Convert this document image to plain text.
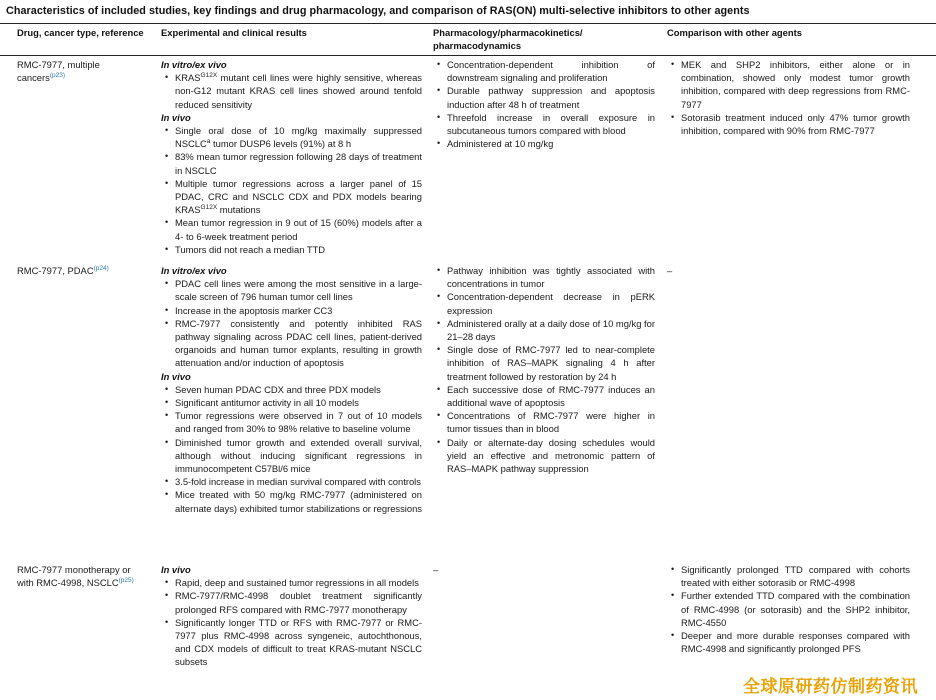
Characteristics of included studies, key findings and drug pharmacology, and comparison of RAS(ON) multi-selective inhibitors to other agents
Drug, cancer type, reference	Experimental and clinical results	Pharmacology/pharmacokinetics/ pharmacodynamics
Comparison with other agents
RMC-7977, multiple cancers$^{(p23)}$

In vitro/ex vivo

• $KRAS^{G12X}$ mutant cell lines were highly sensitive, whereas non-G12 mutant KRAS cell lines showed around tenfold reduced sensitivity

In vivo

• Single oral dose of 10 mg/kg maximally suppressed NSCLC$^a$ tumor DUSP6 levels (91%) at 8 h
• 83% mean tumor regression following 28 days of treatment in NSCLC
• Multiple tumor regressions across a larger panel of 15 PDAC, CRC and NSCLC CDX and PDX models bearing $KRAS^{G12X}$ mutations
• Mean tumor regression in 9 out of 15 (60%) models after a 4- to 6-week treatment period
• Tumors did not reach a median TTD
• Concentration-dependent inhibition of downstream signaling and proliferation
• Durable pathway suppression and apoptosis induction after 48 h of treatment
• Threefold increase in overall exposure in subcutaneous tumors compared with blood
• Administered at 10 mg/kg
• MEK and SHP2 inhibitors, either alone or in combination, showed only modest tumor growth inhibition, compared with deep regressions from RMC-7977
• Sotorasib treatment induced only 47% tumor growth inhibition, compared with 90% from RMC-7977
RMC-7977, PDAC$^{(p24)}$	In vitro/ex vivo

• PDAC cell lines were among the most sensitive in a large-scale screen of 796 human tumor cell lines
• Increase in the apoptosis marker CC3
• RMC-7977 consistently and potently inhibited RAS pathway signaling across PDAC cell lines, patient-derived organoids and human tumor explants, resulting in growth attenuation and/or induction of apoptosis

In vivo

• Seven human PDAC CDX and three PDX models
• Significant antitumor activity in all 10 models
• Tumor regressions were observed in 7 out of 10 models and ranged from 30% to 98% relative to baseline volume
• Diminished tumor growth and extended overall survival, although without inducing significant regressions in immunocompetent C57Bl/6 mice
• 3.5-fold increase in median survival compared with controls
• Mice treated with 50 mg/kg RMC-7977 (administered on alternate days) exhibited tumor stabilizations or regressions
• Pathway inhibition was tightly associated with concentrations in tumor
• Concentration-dependent decrease in pERK expression
• Administered orally at a daily dose of 10 mg/kg for 21–28 days
• Single dose of RMC-7977 led to near-complete inhibition of RAS–MAPK signaling 4 h after treatment followed by restoration by 24 h
• Each successive dose of RMC-7977 induces an additional wave of apoptosis
• Concentrations of RMC-7977 were higher in tumor tissues than in blood
• Daily or alternate-day dosing schedules would yield an effective and metronomic pattern of RAS–MAPK pathway suppression
–
RMC-7977 monotherapy or with RMC-4998, NSCLC$^{(p25)}$

In vivo

• Rapid, deep and sustained tumor regressions in all models
• RMC-7977/RMC-4998 doublet treatment significantly prolonged RFS compared with RMC-7977 monotherapy
• Significantly longer TTD or RFS with RMC-7977 or RMC-7977 plus RMC-4998 across syngeneic, autochthonous, and CDX models of difficult to treat KRAS-mutant NSCLC subsets
–
•	Significantly prolonged TTD compared with cohorts treated with either sotorasib or RMC-4998
• Further extended TTD compared with the combination of RMC-4998 (or sotorasib) and the SHP2 inhibitor, RMC-4550
• Deeper and more durable responses compared with RMC-4998 and significantly prolonged PFS
全球原研药仿制药资讯
